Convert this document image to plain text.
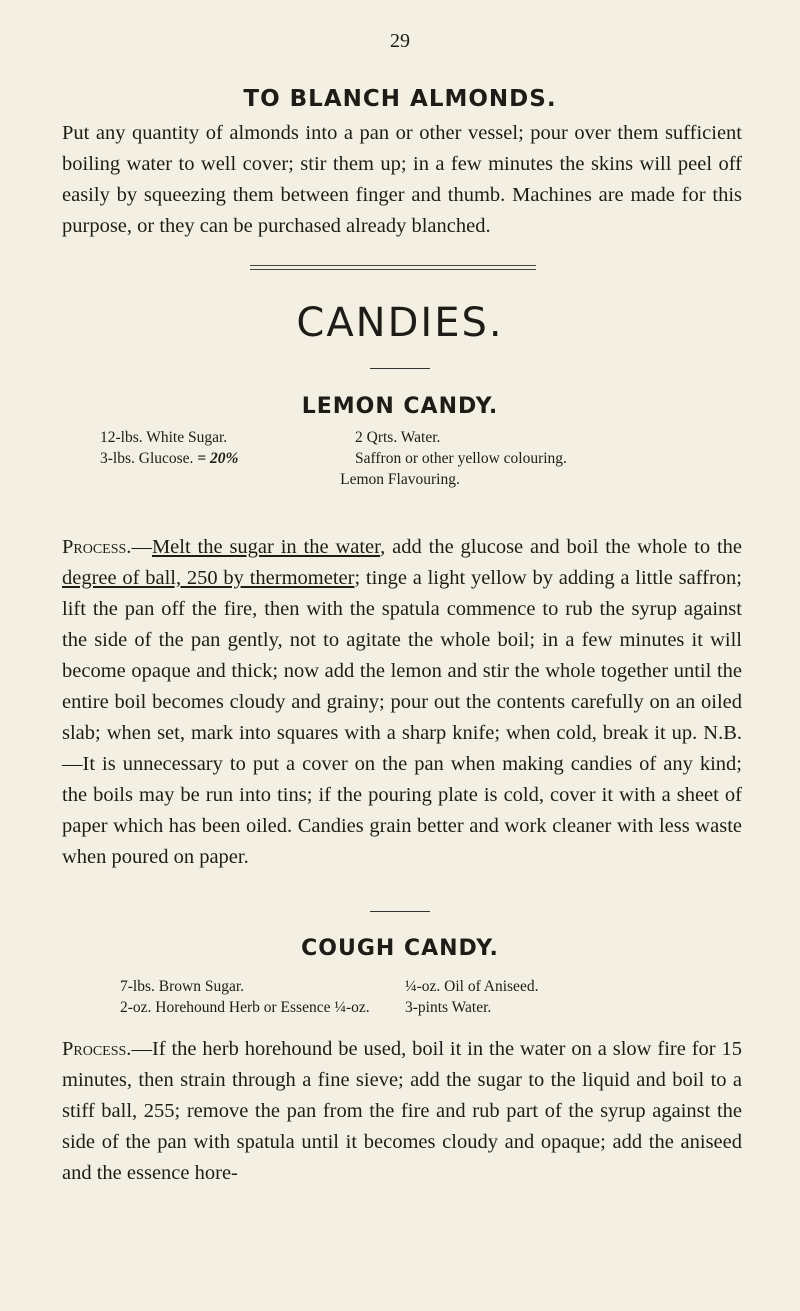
29
TO BLANCH ALMONDS.

Put any quantity of almonds into a pan or other vessel; pour over them sufficient boiling water to well cover; stir them up; in a few minutes the skins will peel off easily by squeezing them between finger and thumb. Machines are made for this purpose, or they can be purchased already blanched.

CANDIES.
LEMON CANDY.
12-lbs. White Sugar.	2 Qrts. Water.
3-lbs. Glucose. = 20%	Saffron or other yellow colouring.
Lemon Flavouring.

Process.—Melt the sugar in the water, add the glucose and boil the whole to the degree of ball, 250 by thermometer; tinge a light yellow by adding a little saffron; lift the pan off the fire, then with the spatula commence to rub the syrup against the side of the pan gently, not to agitate the whole boil; in a few minutes it will become opaque and thick; now add the lemon and stir the whole together until the entire boil becomes cloudy and grainy; pour out the contents carefully on an oiled slab; when set, mark into squares with a sharp knife; when cold, break it up. N.B.—It is unnecessary to put a cover on the pan when making candies of any kind; the boils may be run into tins; if the pouring plate is cold, cover it with a sheet of paper which has been oiled. Candies grain better and work cleaner with less waste when poured on paper.

COUGH CANDY.
7-lbs. Brown Sugar.	¼-oz. Oil of Aniseed.
2-oz. Horehound Herb or Essence ¼-oz.	3-pints Water.

Process.—If the herb horehound be used, boil it in the water on a slow fire for 15 minutes, then strain through a fine sieve; add the sugar to the liquid and boil to a stiff ball, 255; remove the pan from the fire and rub part of the syrup against the side of the pan with spatula until it becomes cloudy and opaque; add the aniseed and the essence hore-
